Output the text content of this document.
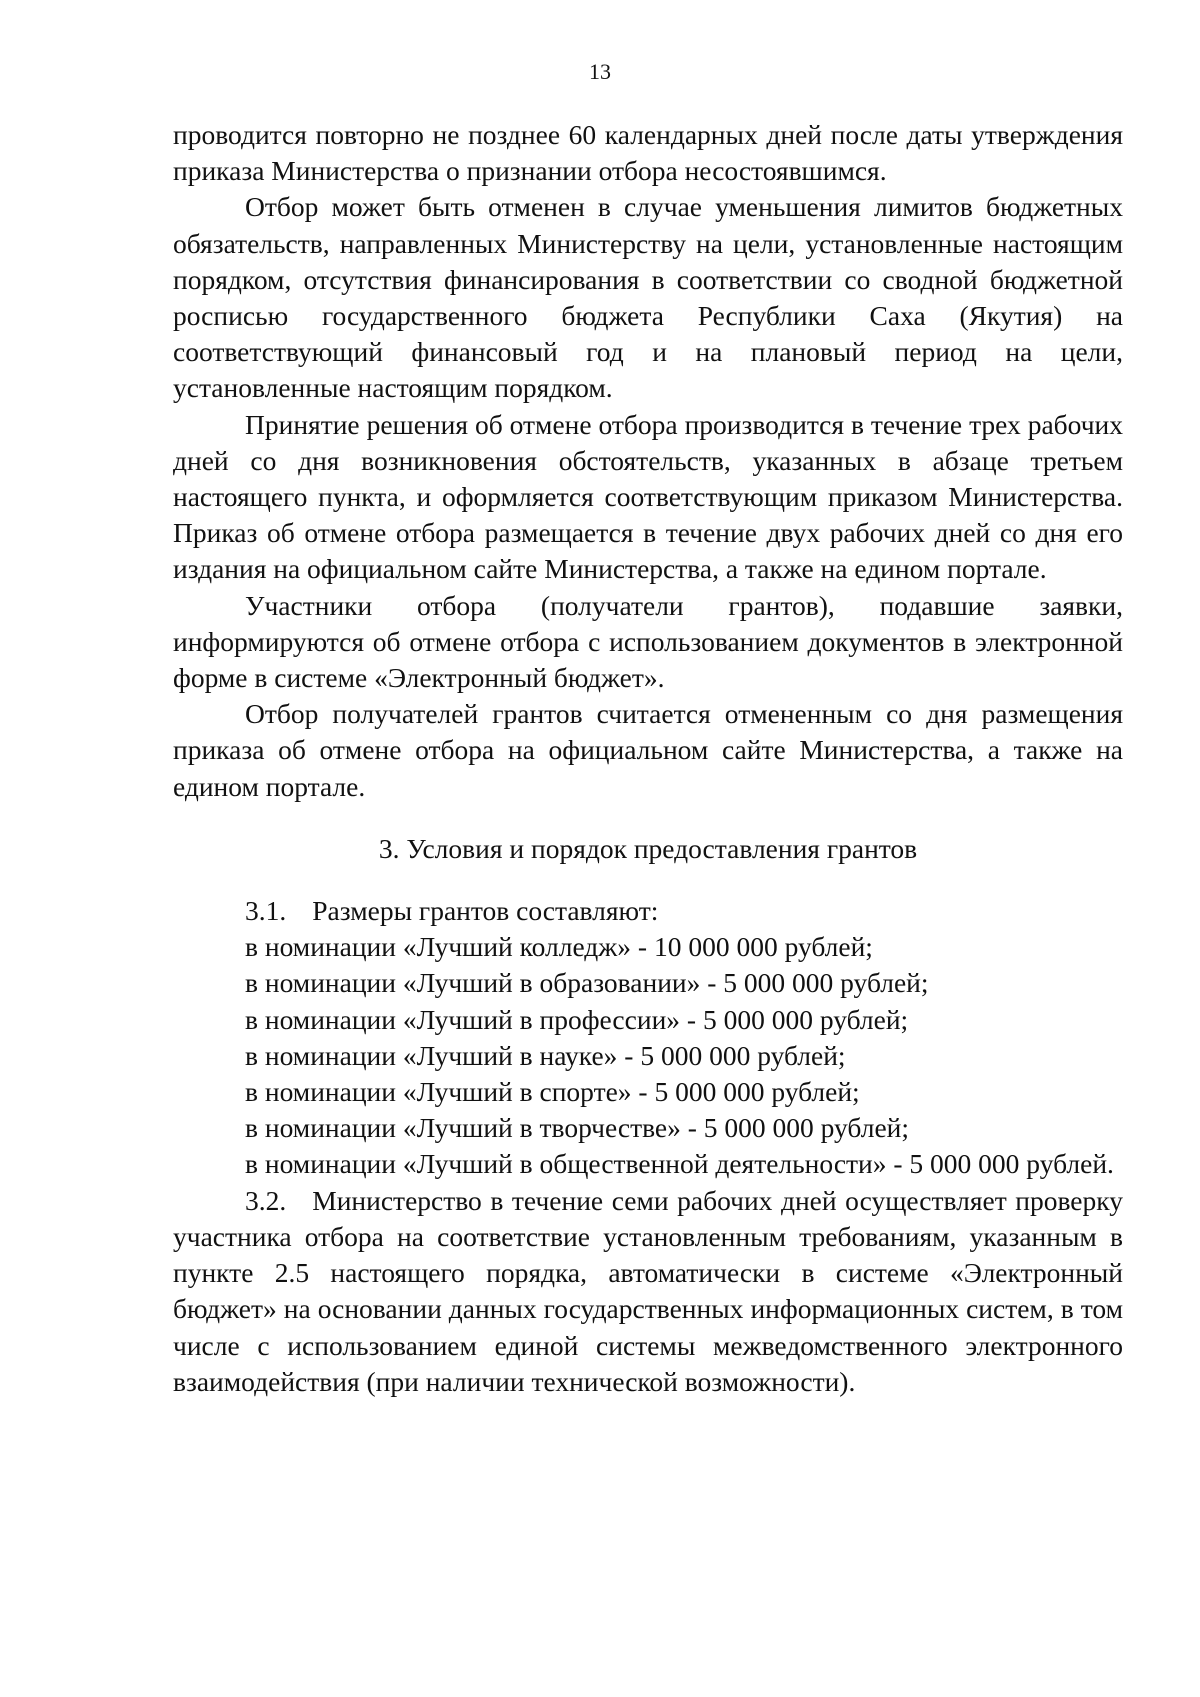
13

проводится повторно не позднее 60 календарных дней после даты утверждения приказа Министерства о признании отбора несостоявшимся.

Отбор может быть отменен в случае уменьшения лимитов бюджетных обязательств, направленных Министерству на цели, установленные настоящим порядком, отсутствия финансирования в соответствии со сводной бюджетной росписью государственного бюджета Республики Саха (Якутия) на соответствующий финансовый год и на плановый период на цели, установленные настоящим порядком.

Принятие решения об отмене отбора производится в течение трех рабочих дней со дня возникновения обстоятельств, указанных в абзаце третьем настоящего пункта, и оформляется соответствующим приказом Министерства. Приказ об отмене отбора размещается в течение двух рабочих дней со дня его издания на официальном сайте Министерства, а также на едином портале.

Участники отбора (получатели грантов), подавшие заявки, информируются об отмене отбора с использованием документов в электронной форме в системе «Электронный бюджет».

Отбор получателей грантов считается отмененным со дня размещения приказа об отмене отбора на официальном сайте Министерства, а также на едином портале.

3. Условия и порядок предоставления грантов

3.1. Размеры грантов составляют:

в номинации «Лучший колледж» - 10 000 000 рублей;

в номинации «Лучший в образовании» - 5 000 000 рублей;

в номинации «Лучший в профессии» - 5 000 000 рублей;

в номинации «Лучший в науке» - 5 000 000 рублей;

в номинации «Лучший в спорте» - 5 000 000 рублей;

в номинации «Лучший в творчестве» - 5 000 000 рублей;

в номинации «Лучший в общественной деятельности» - 5 000 000 рублей.

3.2. Министерство в течение семи рабочих дней осуществляет проверку участника отбора на соответствие установленным требованиям, указанным в пункте 2.5 настоящего порядка, автоматически в системе «Электронный бюджет» на основании данных государственных информационных систем, в том числе с использованием единой системы межведомственного электронного взаимодействия (при наличии технической возможности).
